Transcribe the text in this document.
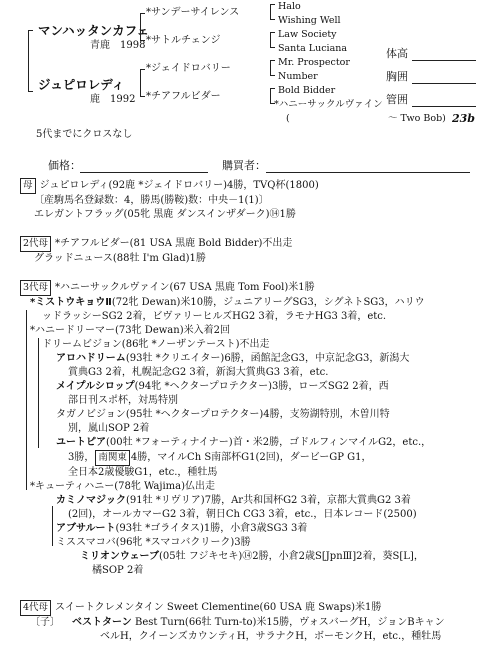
マンハッタンカフェ
青鹿　1998
ジュピロレディ
鹿　1992
*サンデーサイレンス
*サトルチェンジ
*ジェイドロバリー
*チアフルビダー
Halo
Wishing Well
Law Society
Santa Luciana
Mr. Prospector
Number
Bold Bidder
*ハニーサックルヴァイン
(	～ Two Bob) 23b
体高
胸囲
管囲
5代までにクロスなし
価格：	購買者：
母 ジュピロレディ(92鹿 *ジェイドロバリー)4勝，TVQ杯(1800)
〔産駒馬名登録数：4，勝馬(勝鞍)数：中央－1(1)〕
エレガントフラッグ(05牝 黒鹿 ダンスインザダーク)⑭1勝
2代母 *チアフルビダー(81 USA 黒鹿 Bold Bidder)不出走
グラッドニュース(88牡 I'm Glad)1勝
3代母 *ハニーサックルヴァイン(67 USA 黒鹿 Tom Fool)米1勝
*ミストウキョウⅡ(72牝 Dewan)米10勝，ジュニアリーグSG3，シグネトSG3，ハリウ
ッドラッシーSG2 2着，ビヴァリーヒルズHG2 3着，ラモナHG3 3着，etc.
*ハニードリーマー(73牝 Dewan)米入着2回
ドリームビジョン(86牝 *ノーザンテースト)不出走
アロハドリーム(93牡 *クリエイター)6勝，函館記念G3，中京記念G3，新潟大
賞典G3 2着，札幌記念G2 3着，新潟大賞典G3 3着，etc.
メイプルシロップ(94牝 *ヘクタープロテクター)3勝，ローズSG2 2着，西
部日刊スポ杯，対馬特別
タガノビジョン(95牡 *ヘクタープロテクター)4勝，支笏湖特別，木曽川特
別，嵐山SOP 2着
ユートピア(00牡 *フォーティナイナー)首・米2勝，ゴドルフィンマイルG2，etc.，
3勝， 南関東 4勝，マイルCh S南部杯G1(2回)，ダービーGP G1，
全日本2歳優駿G1，etc.，種牡馬
*キューティハニー(78牝 Wajima)仏出走
カミノマジック(91牡 *リヴリア)7勝，Ar共和国杯G2 3着，京都大賞典G2 3着
(2回)，オールカマーG2 3着，朝日Ch CG3 3着，etc.，日本レコード(2500)
アブサルート(93牡 *ゴライタス)1勝，小倉3歳SG3 3着
ミススマコバ(96牝 *スマコバクリーク)3勝
ミリオンウェーブ(05牡 フジキセキ)⑭2勝，小倉2歳S[JpnⅢ]2着，葵S[L]，
橘SOP 2着
4代母 スイートクレメンタイン Sweet Clementine(60 USA 鹿 Swaps)米1勝
〔子〕 ベストターン Best Turn(66牡 Turn-to)米15勝，ヴォスバーグH，ジョンBキャン
ベルH，クイーンズカウンティH，サラナクH，ボーモンクH，etc.，種牡馬
